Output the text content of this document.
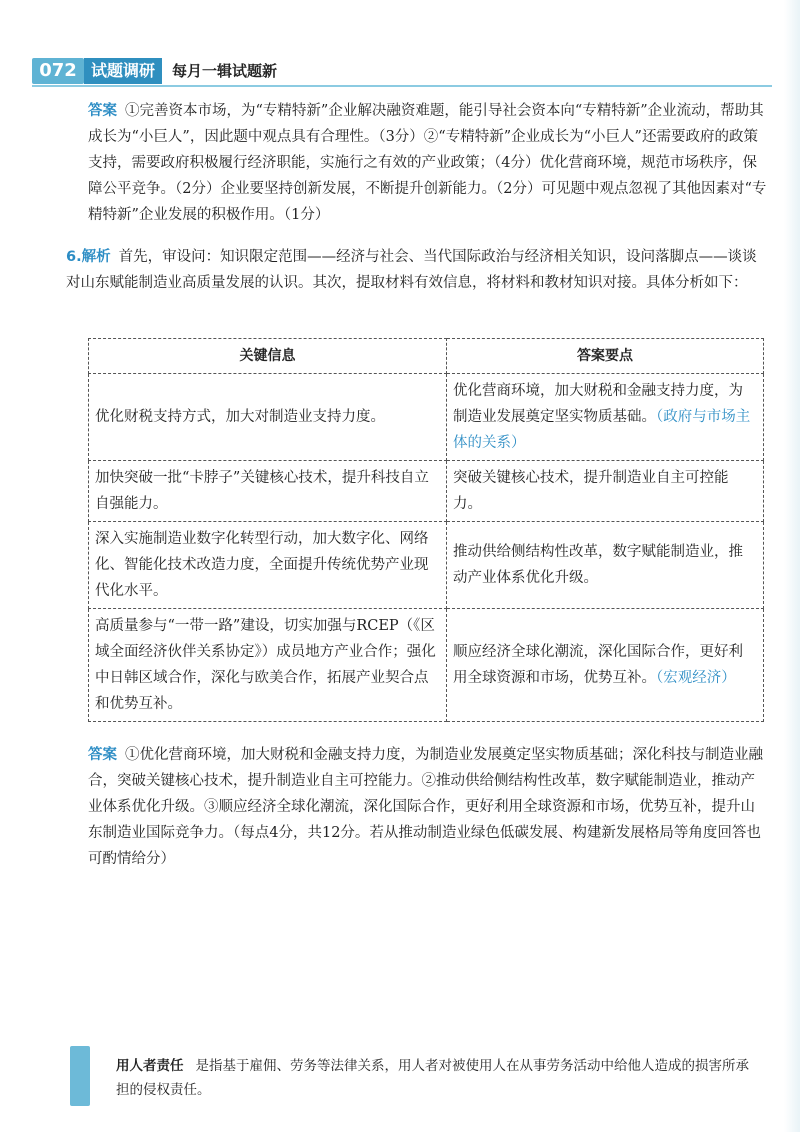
072 试题调研	每月一辑试题新
答案 ①完善资本市场，为“专精特新”企业解决融资难题，能引导社会资本向“专精特新”企业流动，帮助其成长为“小巨人”，因此题中观点具有合理性。（3分）②“专精特新”企业成长为“小巨人”还需要政府的政策支持，需要政府积极履行经济职能，实施行之有效的产业政策；（4分）优化营商环境，规范市场秩序，保障公平竞争。（2分）企业要坚持创新发展，不断提升创新能力。（2分）可见题中观点忽视了其他因素对“专精特新”企业发展的积极作用。（1分）
6.解析 首先，审设问：知识限定范围——经济与社会、当代国际政治与经济相关知识，设问落脚点——谈谈对山东赋能制造业高质量发展的认识。其次，提取材料有效信息，将材料和教材知识对接。具体分析如下：
关键信息	答案要点
优化财税支持方式，加大对制造业支持力度。	优化营商环境，加大财税和金融支持力度，为制造业发展奠定坚实物质基础。（政府与市场主体的关系）
加快突破一批“卡脖子”关键核心技术，提升科技自立自强能力。	突破关键核心技术，提升制造业自主可控能力。
深入实施制造业数字化转型行动，加大数字化、网络化、智能化技术改造力度，全面提升传统优势产业现代化水平。	推动供给侧结构性改革，数字赋能制造业，推动产业体系优化升级。
高质量参与“一带一路”建设，切实加强与RCEP（《区域全面经济伙伴关系协定》）成员地方产业合作；强化中日韩区域合作，深化与欧美合作，拓展产业契合点和优势互补。	顺应经济全球化潮流，深化国际合作，更好利用全球资源和市场，优势互补。（宏观经济）
答案 ①优化营商环境，加大财税和金融支持力度，为制造业发展奠定坚实物质基础；深化科技与制造业融合，突破关键核心技术，提升制造业自主可控能力。②推动供给侧结构性改革，数字赋能制造业，推动产业体系优化升级。③顺应经济全球化潮流，深化国际合作，更好利用全球资源和市场，优势互补，提升山东制造业国际竞争力。（每点4分，共12分。若从推动制造业绿色低碳发展、构建新发展格局等角度回答也可酌情给分）
用人者责任 是指基于雇佣、劳务等法律关系，用人者对被使用人在从事劳务活动中给他人造成的损害所承担的侵权责任。
